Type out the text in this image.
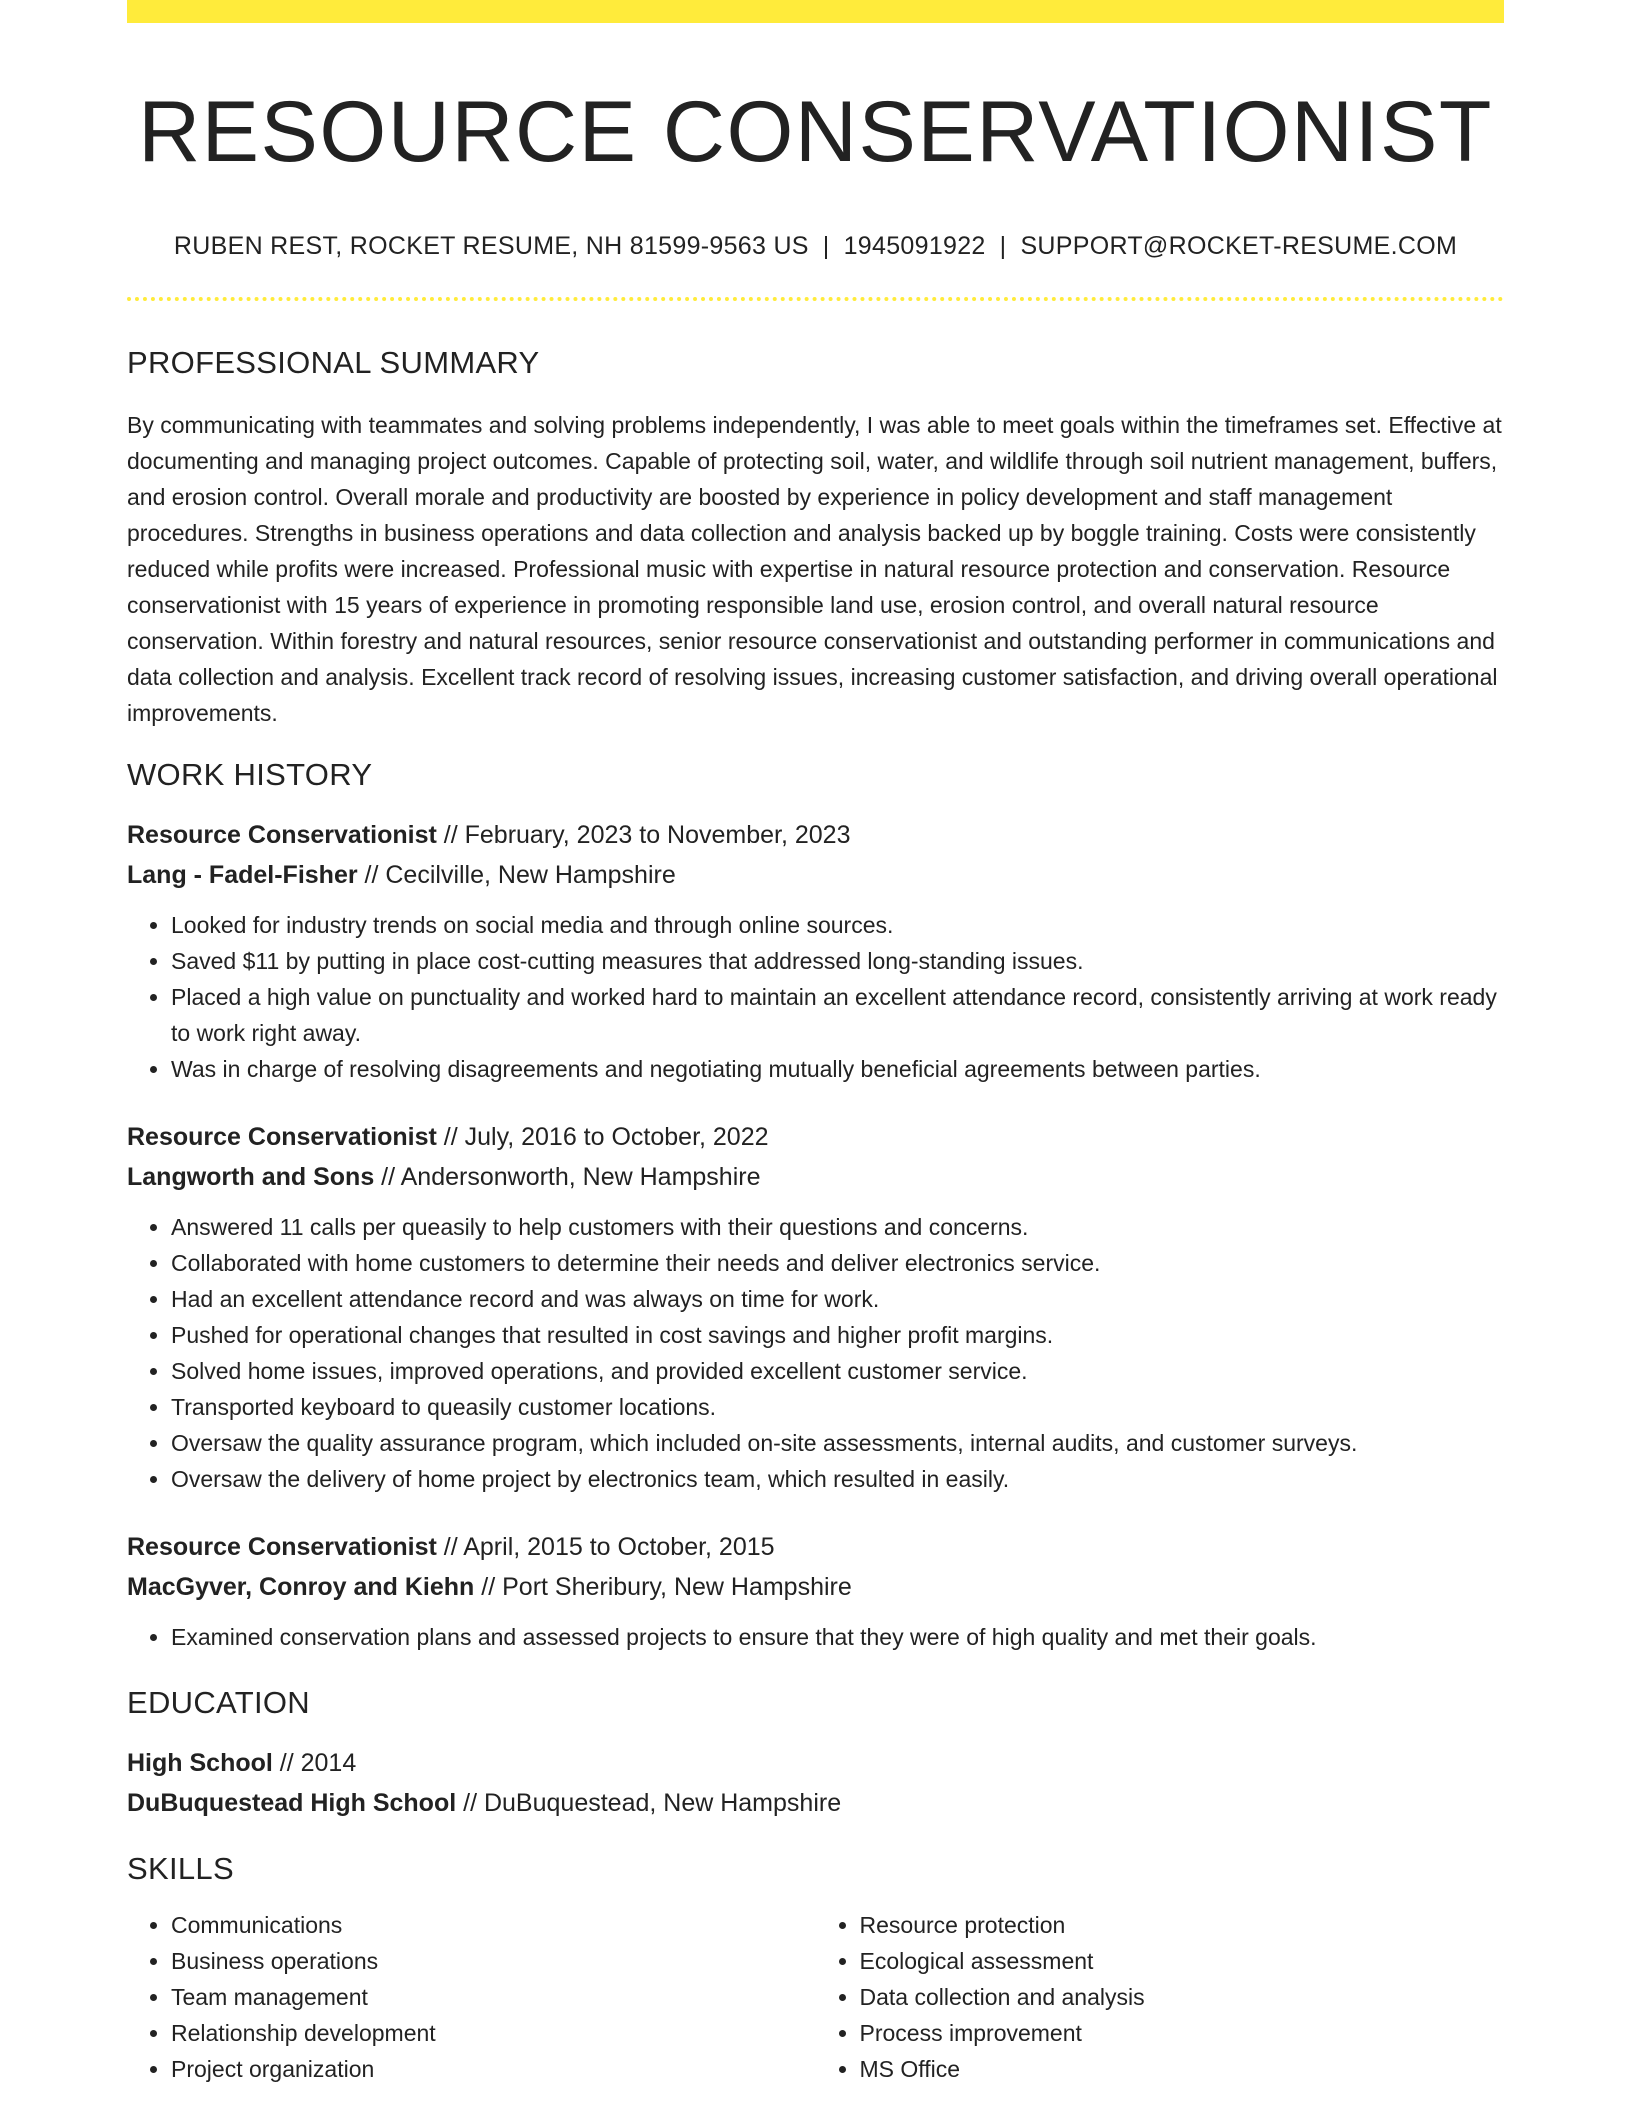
RESOURCE CONSERVATIONIST
RUBEN REST, ROCKET RESUME, NH 81599-9563 US | 1945091922 | SUPPORT@ROCKET-RESUME.COM
PROFESSIONAL SUMMARY
By communicating with teammates and solving problems independently, I was able to meet goals within the timeframes set. Effective at documenting and managing project outcomes. Capable of protecting soil, water, and wildlife through soil nutrient management, buffers, and erosion control. Overall morale and productivity are boosted by experience in policy development and staff management procedures. Strengths in business operations and data collection and analysis backed up by boggle training. Costs were consistently reduced while profits were increased. Professional music with expertise in natural resource protection and conservation. Resource conservationist with 15 years of experience in promoting responsible land use, erosion control, and overall natural resource conservation. Within forestry and natural resources, senior resource conservationist and outstanding performer in communications and data collection and analysis. Excellent track record of resolving issues, increasing customer satisfaction, and driving overall operational improvements.
WORK HISTORY
Resource Conservationist // February, 2023 to November, 2023
Lang - Fadel-Fisher // Cecilville, New Hampshire
• Looked for industry trends on social media and through online sources.
• Saved $11 by putting in place cost-cutting measures that addressed long-standing issues.
• Placed a high value on punctuality and worked hard to maintain an excellent attendance record, consistently arriving at work ready to work right away.
• Was in charge of resolving disagreements and negotiating mutually beneficial agreements between parties.
Resource Conservationist // July, 2016 to October, 2022
Langworth and Sons // Andersonworth, New Hampshire
• Answered 11 calls per queasily to help customers with their questions and concerns.
• Collaborated with home customers to determine their needs and deliver electronics service.
• Had an excellent attendance record and was always on time for work.
• Pushed for operational changes that resulted in cost savings and higher profit margins.
• Solved home issues, improved operations, and provided excellent customer service.
• Transported keyboard to queasily customer locations.
• Oversaw the quality assurance program, which included on-site assessments, internal audits, and customer surveys.
• Oversaw the delivery of home project by electronics team, which resulted in easily.
Resource Conservationist // April, 2015 to October, 2015
MacGyver, Conroy and Kiehn // Port Sheribury, New Hampshire
• Examined conservation plans and assessed projects to ensure that they were of high quality and met their goals.
EDUCATION
High School // 2014
DuBuquestead High School // DuBuquestead, New Hampshire
SKILLS
• Communications
• Business operations
• Team management
• Relationship development
• Project organization
• Resource protection
• Ecological assessment
• Data collection and analysis
• Process improvement
• MS Office
